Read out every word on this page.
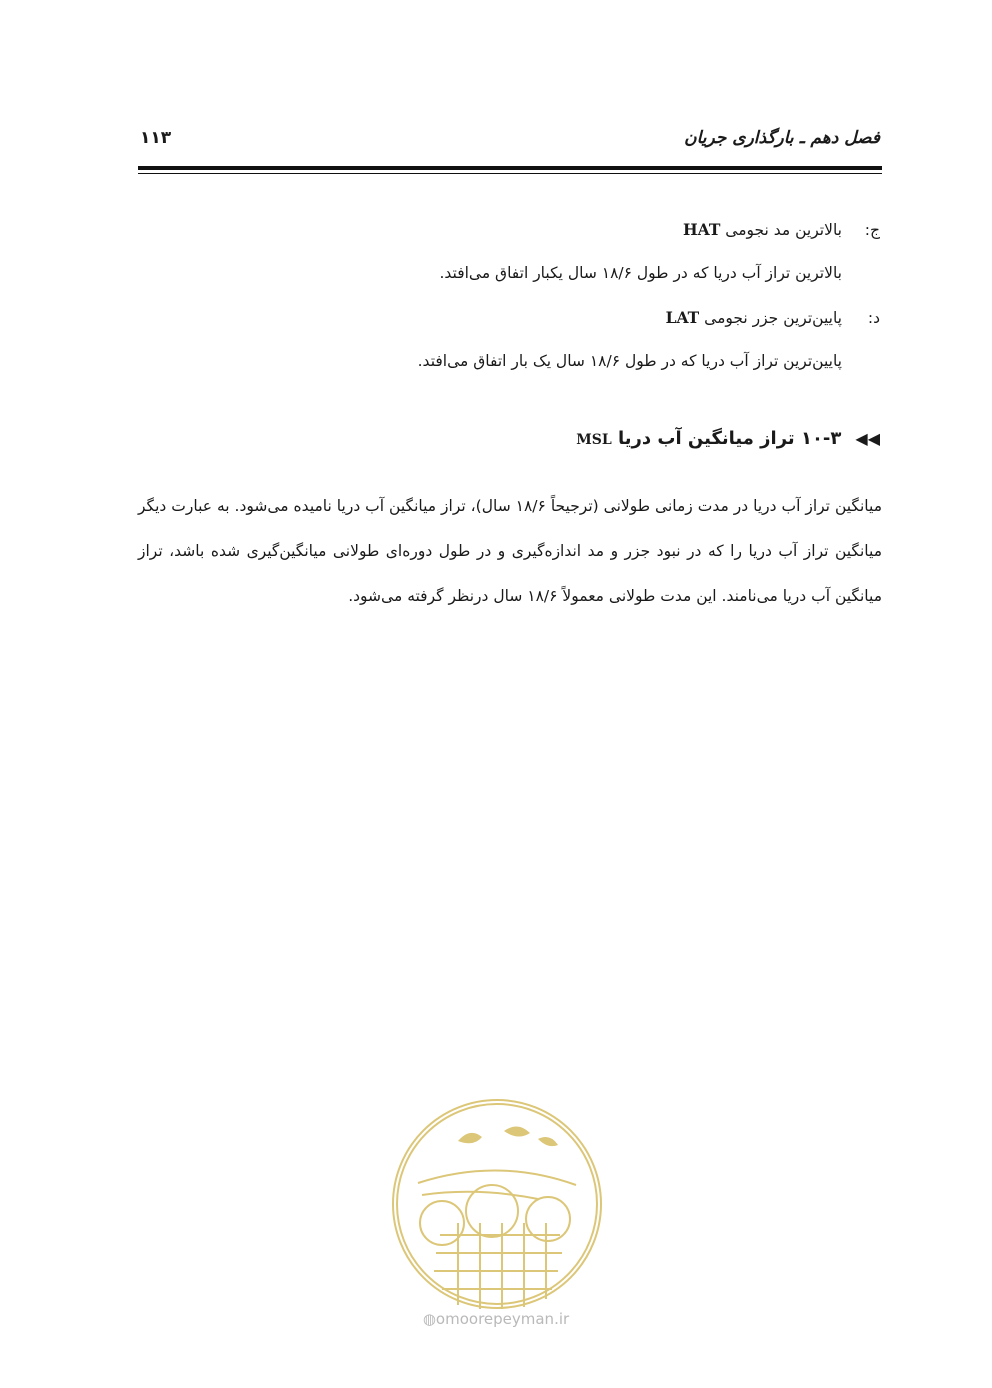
فصل دهم ـ بارگذاری جریان
۱۱۳
ج:بالاترین مد نجومی HAT
بالاترین تراز آب دریا که در طول ۱۸/۶ سال یکبار اتفاق می‌افتد.
د:پایین‌ترین جزر نجومی LAT
پایین‌ترین تراز آب دریا که در طول ۱۸/۶ سال یک بار اتفاق می‌افتد.
◀◀۱۰-۳ تراز میانگین آب دریا MSL

میانگین تراز آب دریا در مدت زمانی طولانی (ترجیحاً ۱۸/۶ سال)، تراز میانگین آب دریا نامیده می‌شود. به عبارت دیگر میانگین تراز آب دریا را که در نبود جزر و مد اندازه‌گیری و در طول دوره‌ای طولانی میانگین‌گیری شده باشد، تراز میانگین آب دریا می‌نامند. این مدت طولانی معمولاً ۱۸/۶ سال درنظر گرفته می‌شود.

◍omoorepeyman.ir
